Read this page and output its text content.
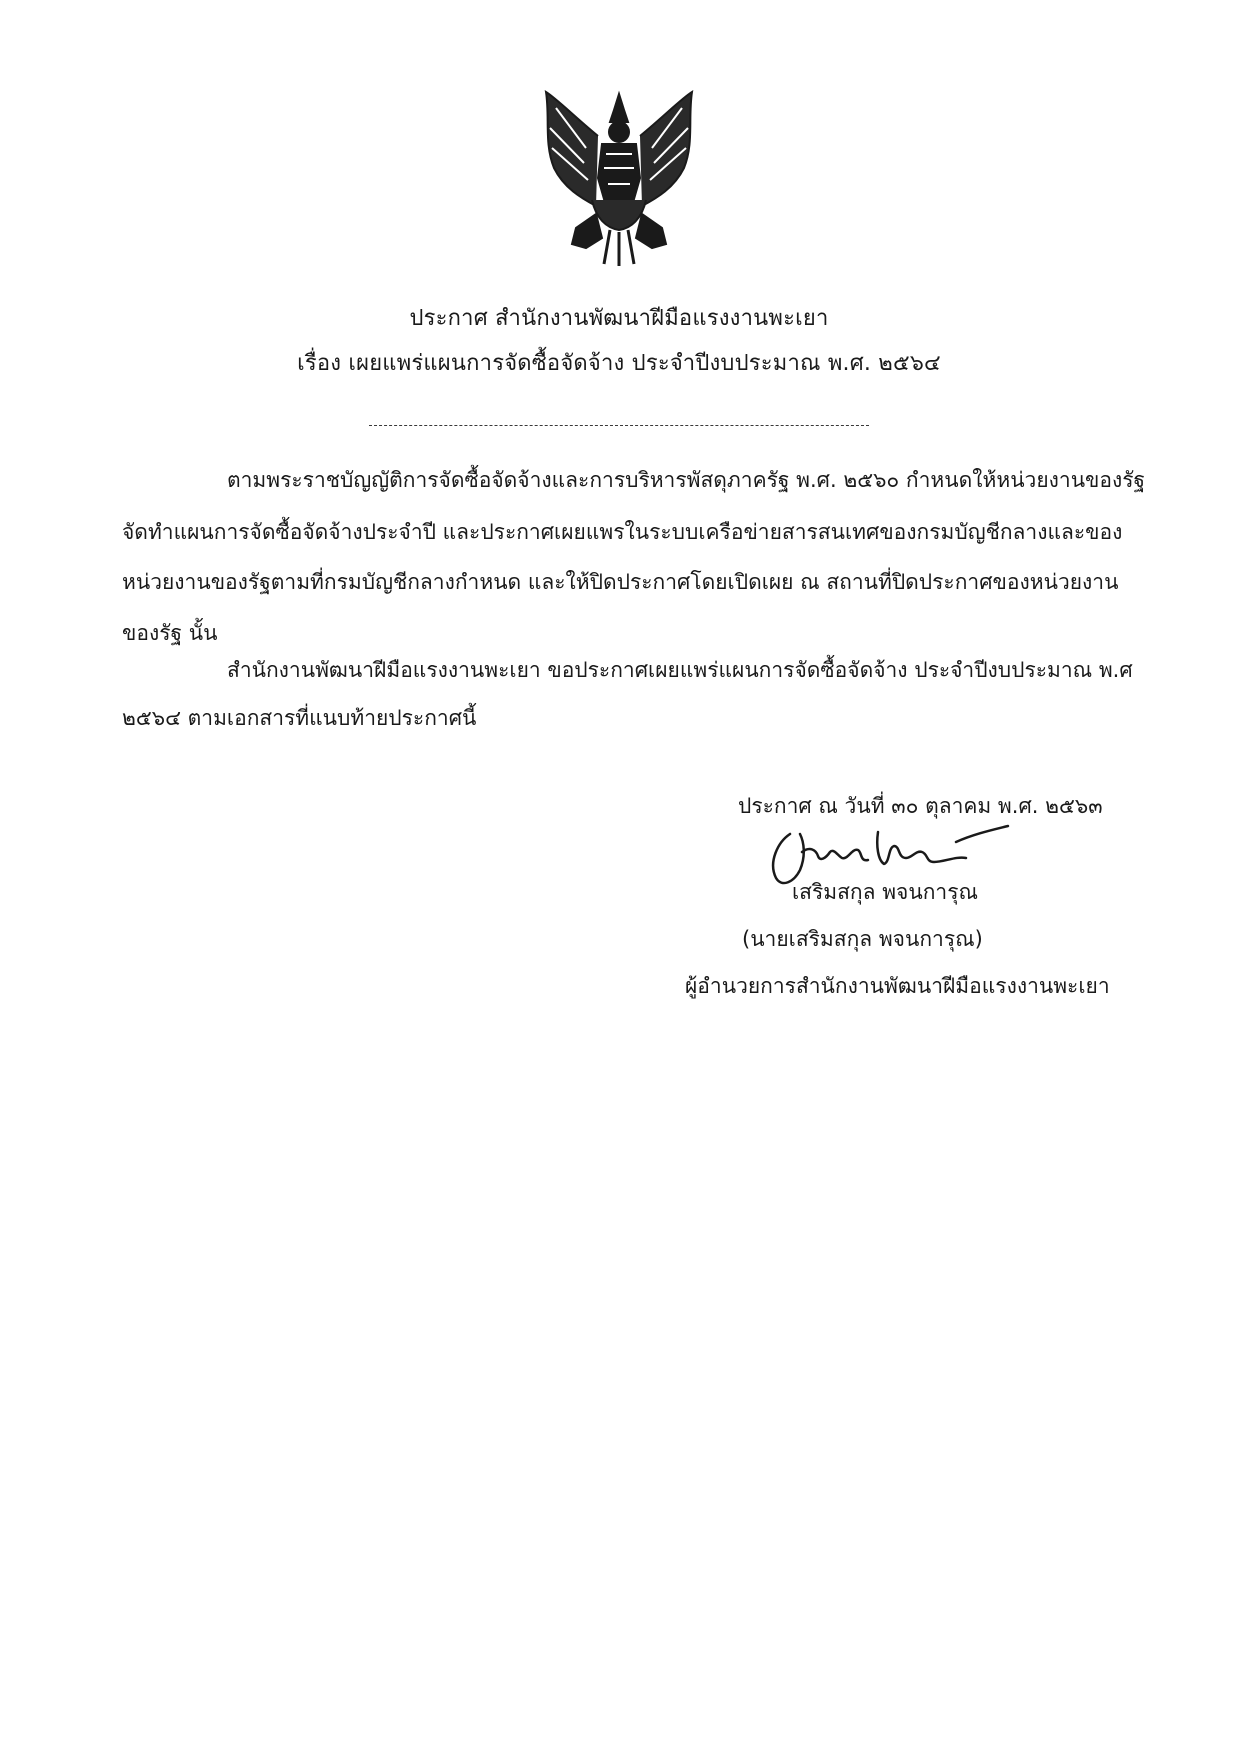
ประกาศ สำนักงานพัฒนาฝีมือแรงงานพะเยา
เรื่อง เผยแพร่แผนการจัดซื้อจัดจ้าง ประจำปีงบประมาณ พ.ศ. ๒๕๖๔
ตามพระราชบัญญัติการจัดซื้อจัดจ้างและการบริหารพัสดุภาครัฐ พ.ศ. ๒๕๖๐ กำหนดให้หน่วยงานของรัฐ
จัดทำแผนการจัดซื้อจัดจ้างประจำปี และประกาศเผยแพรในระบบเครือข่ายสารสนเทศของกรมบัญชีกลางและของ
หน่วยงานของรัฐตามที่กรมบัญชีกลางกำหนด และให้ปิดประกาศโดยเปิดเผย ณ สถานที่ปิดประกาศของหน่วยงาน
ของรัฐ นั้น
สำนักงานพัฒนาฝีมือแรงงานพะเยา ขอประกาศเผยแพร่แผนการจัดซื้อจัดจ้าง ประจำปีงบประมาณ พ.ศ
๒๕๖๔ ตามเอกสารที่แนบท้ายประกาศนี้
ประกาศ ณ วันที่ ๓๐ ตุลาคม พ.ศ. ๒๕๖๓
เสริมสกุล พจนการุณ
(นายเสริมสกุล พจนการุณ)
ผู้อำนวยการสำนักงานพัฒนาฝีมือแรงงานพะเยา
